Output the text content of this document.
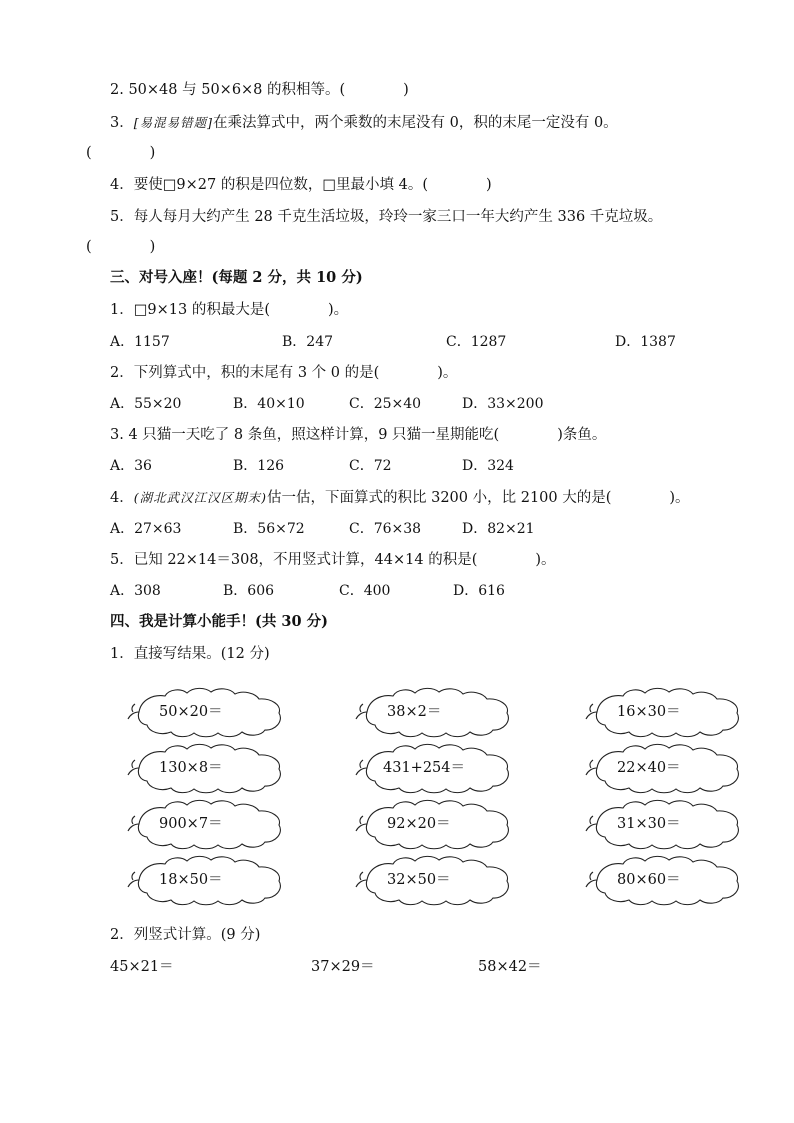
2. 50×48 与 50×6×8 的积相等。(　　　　)
3．[易混易错题]在乘法算式中，两个乘数的末尾没有 0，积的末尾一定没有 0。
(　　　　)
4．要使□9×27 的积是四位数，□里最小填 4。(　　　　)
5．每人每月大约产生 28 千克生活垃圾，玲玲一家三口一年大约产生 336 千克垃圾。
(　　　　)
三、对号入座！(每题 2 分，共 10 分)
1．□9×13 的积最大是(　　　　)。
A．1157	B．247	C．1287	D．1387
2．下列算式中，积的末尾有 3 个 0 的是(　　　　)。
A．55×20	B．40×10	C．25×40	D．33×200
3. 4 只猫一天吃了 8 条鱼，照这样计算，9 只猫一星期能吃(　　　　)条鱼。
A．36	B．126	C．72	D．324
4．(湖北武汉江汉区期末)估一估，下面算式的积比 3200 小，比 2100 大的是(　　　　)。
A．27×63	B．56×72	C．76×38	D．82×21
5．已知 22×14＝308，不用竖式计算，44×14 的积是(　　　　)。
A．308	B．606	C．400	D．616
四、我是计算小能手！(共 30 分)
1．直接写结果。(12 分)
50×20＝	38×2＝	16×30＝
130×8＝	431+254＝	22×40＝
900×7＝	92×20＝	31×30＝
18×50＝	32×50＝	80×60＝
2．列竖式计算。(9 分)
45×21＝	37×29＝	58×42＝
